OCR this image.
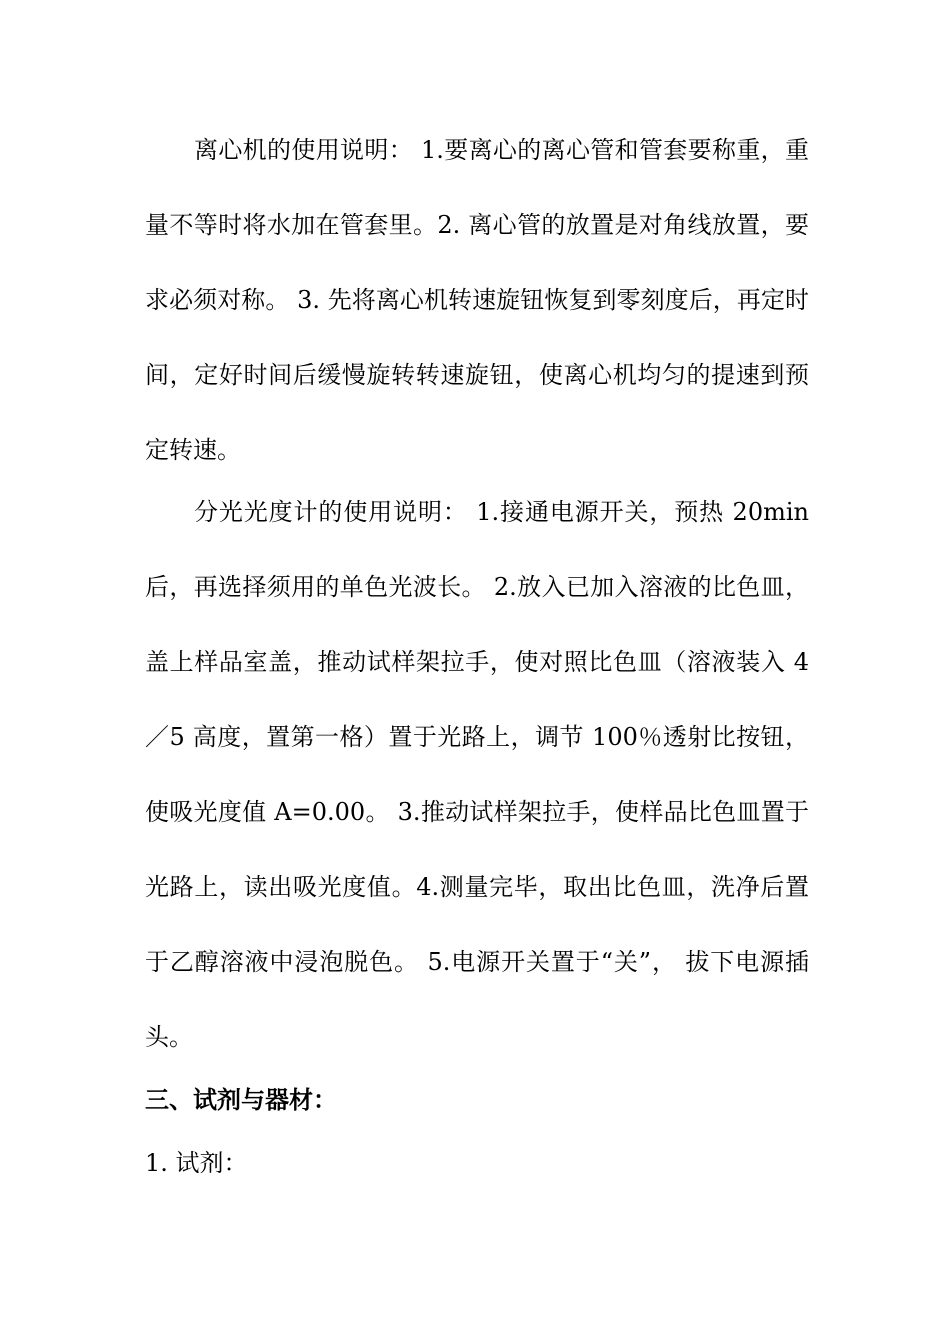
离心机的使用说明： 1.要离心的离心管和管套要称重，重量不等时将水加在管套里。2. 离心管的放置是对角线放置，要求必须对称。 3. 先将离心机转速旋钮恢复到零刻度后，再定时间，定好时间后缓慢旋转转速旋钮，使离心机均匀的提速到预定转速。

分光光度计的使用说明： 1.接通电源开关，预热 20min后，再选择须用的单色光波长。 2.放入已加入溶液的比色皿，盖上样品室盖，推动试样架拉手，使对照比色皿（溶液装入 4／5 高度，置第一格）置于光路上，调节 100％透射比按钮，使吸光度值 A=0.00。 3.推动试样架拉手，使样品比色皿置于光路上，读出吸光度值。4.测量完毕，取出比色皿，洗净后置于乙醇溶液中浸泡脱色。 5.电源开关置于“关”， 拔下电源插头。

三、试剂与器材：

1. 试剂：
